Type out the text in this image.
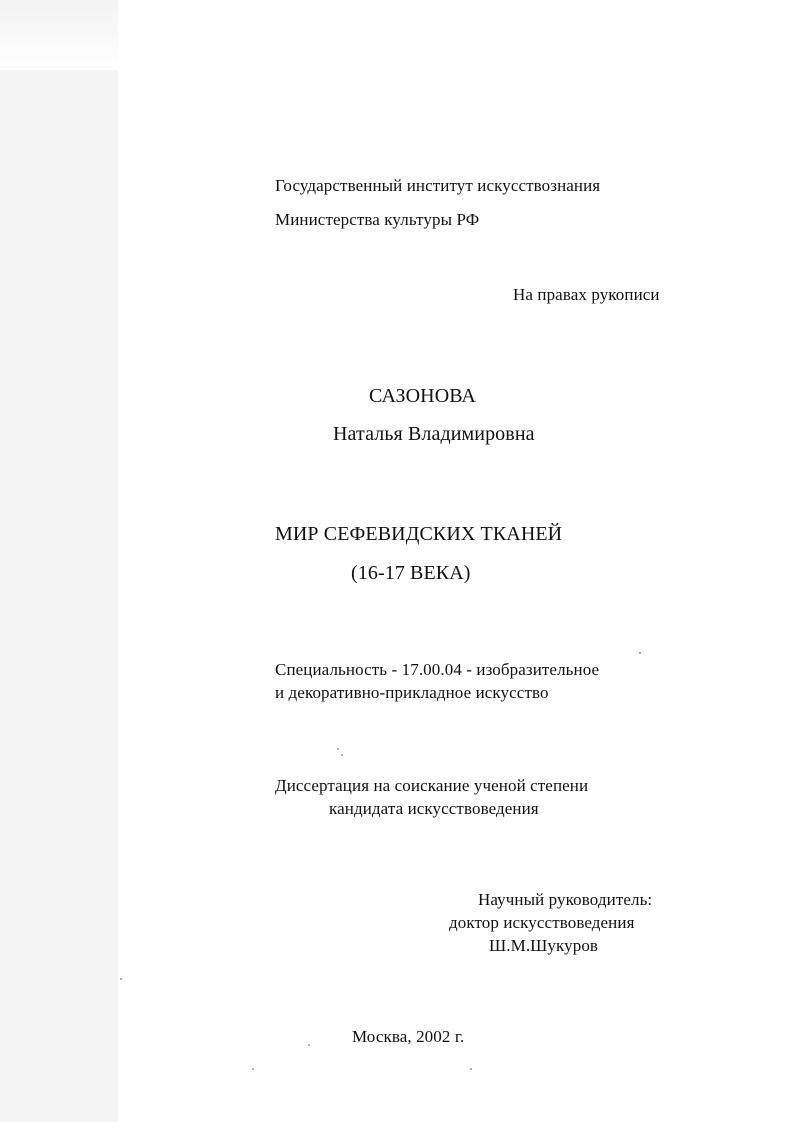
Государственный институт искусствознания
Министерства культуры РФ
На правах рукописи
САЗОНОВА
Наталья Владимировна
МИР СЕФЕВИДСКИХ ТКАНЕЙ
(16-17 ВЕКА)
Специальность - 17.00.04 - изобразительное
и декоративно-прикладное искусство
Диссертация на соискание ученой степени
кандидата искусствоведения
Научный руководитель:
доктор искусствоведения
Ш.М.Шукуров
Москва, 2002 г.
